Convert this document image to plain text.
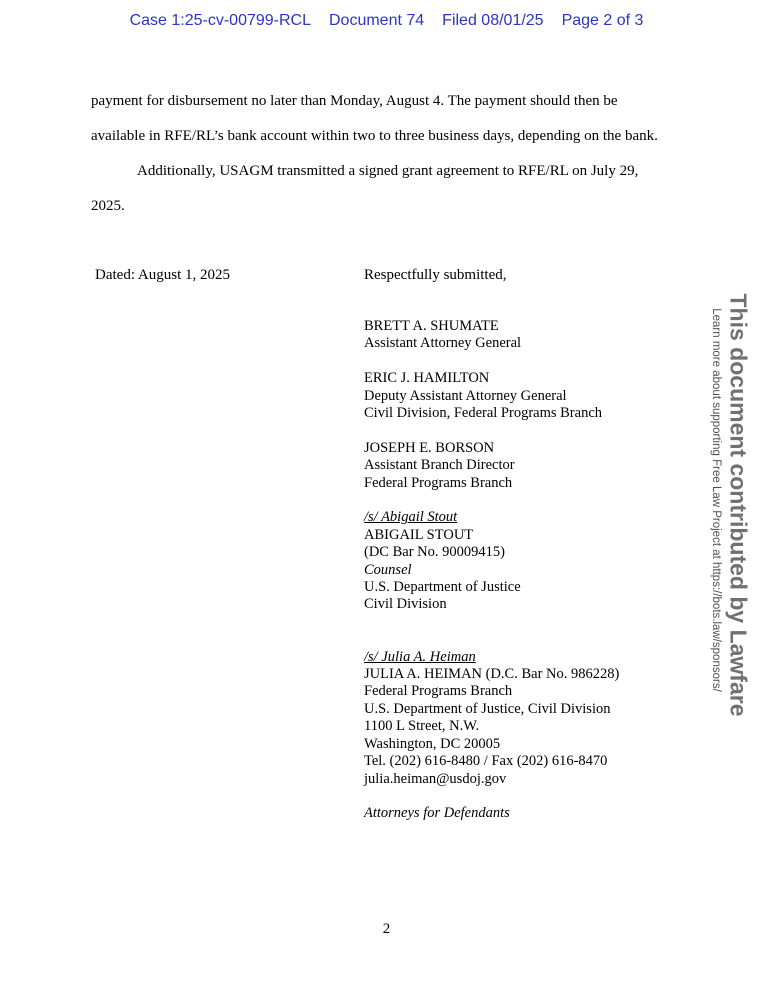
Case 1:25-cv-00799-RCL Document 74 Filed 08/01/25 Page 2 of 3
payment for disbursement no later than Monday, August 4. The payment should then be
available in RFE/RL’s bank account within two to three business days, depending on the bank.
Additionally, USAGM transmitted a signed grant agreement to RFE/RL on July 29,
2025.
Dated: August 1, 2025	Respectfully submitted,
BRETT A. SHUMATE
Assistant Attorney General
ERIC J. HAMILTON
Deputy Assistant Attorney General
Civil Division, Federal Programs Branch
JOSEPH E. BORSON
Assistant Branch Director
Federal Programs Branch
/s/ Abigail Stout
ABIGAIL STOUT
(DC Bar No. 90009415)
Counsel
U.S. Department of Justice
Civil Division
/s/ Julia A. Heiman
JULIA A. HEIMAN (D.C. Bar No. 986228)
Federal Programs Branch
U.S. Department of Justice, Civil Division
1100 L Street, N.W.
Washington, DC 20005
Tel. (202) 616-8480 / Fax (202) 616-8470
julia.heiman@usdoj.gov
Attorneys for Defendants
This document contributed by Lawfare
Learn more about supporting Free Law Project at https://bots.law/sponsors/
2
